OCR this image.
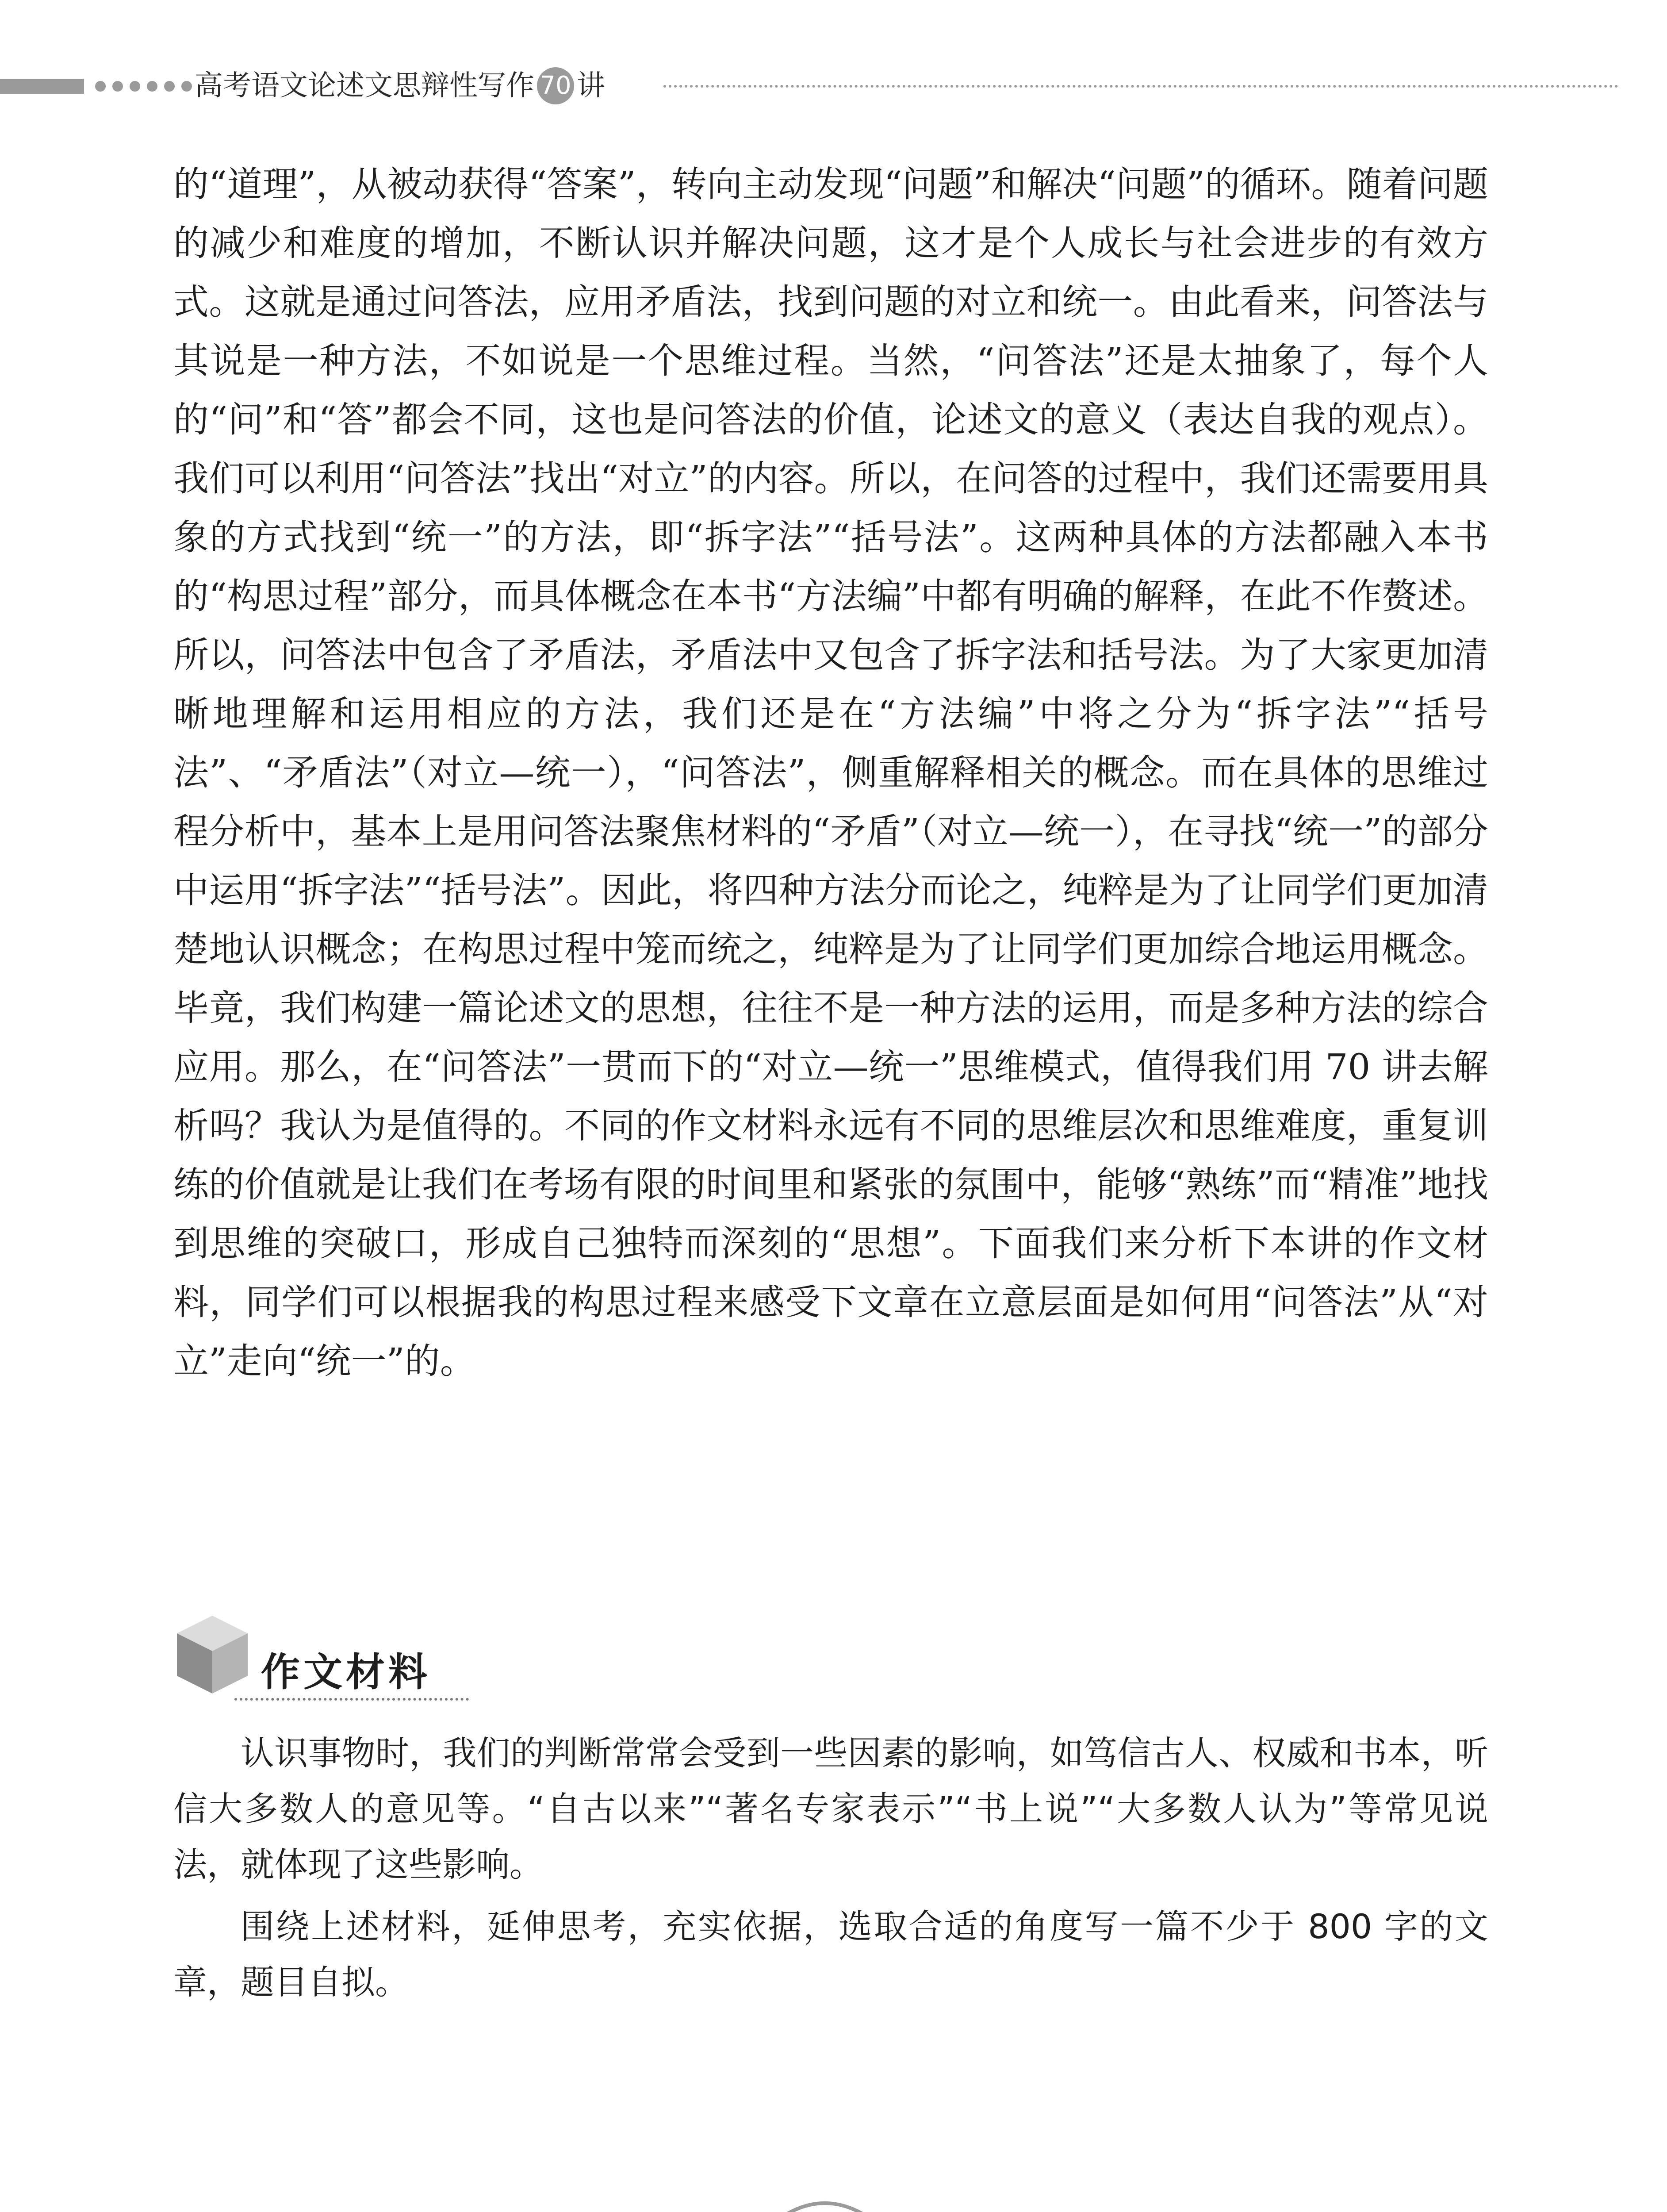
高考语文论述文思辩性写作 70 讲

的“道理”，从被动获得“答案”，转向主动发现“问题”和解决“问题”的循环。随着问题的减少和难度的增加，不断认识并解决问题，这才是个人成长与社会进步的有效方式。这就是通过问答法，应用矛盾法，找到问题的对立和统一。由此看来，问答法与其说是一种方法，不如说是一个思维过程。当然，“问答法”还是太抽象了，每个人的“问”和“答”都会不同，这也是问答法的价值，论述文的意义（表达自我的观点）。我们可以利用“问答法”找出“对立”的内容。所以，在问答的过程中，我们还需要用具象的方式找到“统一”的方法，即“拆字法”“括号法”。这两种具体的方法都融入本书的“构思过程”部分，而具体概念在本书“方法编”中都有明确的解释，在此不作赘述。所以，问答法中包含了矛盾法，矛盾法中又包含了拆字法和括号法。为了大家更加清晰地理解和运用相应的方法，我们还是在“方法编”中将之分为“拆字法”“括号法”、“矛盾法”（对立—统一），“问答法”，侧重解释相关的概念。而在具体的思维过程分析中，基本上是用问答法聚焦材料的“矛盾”（对立—统一），在寻找“统一”的部分中运用“拆字法”“括号法”。因此，将四种方法分而论之，纯粹是为了让同学们更加清楚地认识概念；在构思过程中笼而统之，纯粹是为了让同学们更加综合地运用概念。毕竟，我们构建一篇论述文的思想，往往不是一种方法的运用，而是多种方法的综合应用。那么，在“问答法”一贯而下的“对立—统一”思维模式，值得我们用 70 讲去解析吗？我认为是值得的。不同的作文材料永远有不同的思维层次和思维难度，重复训练的价值就是让我们在考场有限的时间里和紧张的氛围中，能够“熟练”而“精准”地找到思维的突破口，形成自己独特而深刻的“思想”。下面我们来分析下本讲的作文材料，同学们可以根据我的构思过程来感受下文章在立意层面是如何用“问答法”从“对立”走向“统一”的。

作文材料

认识事物时，我们的判断常常会受到一些因素的影响，如笃信古人、权威和书本，听信大多数人的意见等。“自古以来”“著名专家表示”“书上说”“大多数人认为”等常见说法，就体现了这些影响。

围绕上述材料，延伸思考，充实依据，选取合适的角度写一篇不少于 800 字的文章，题目自拟。
